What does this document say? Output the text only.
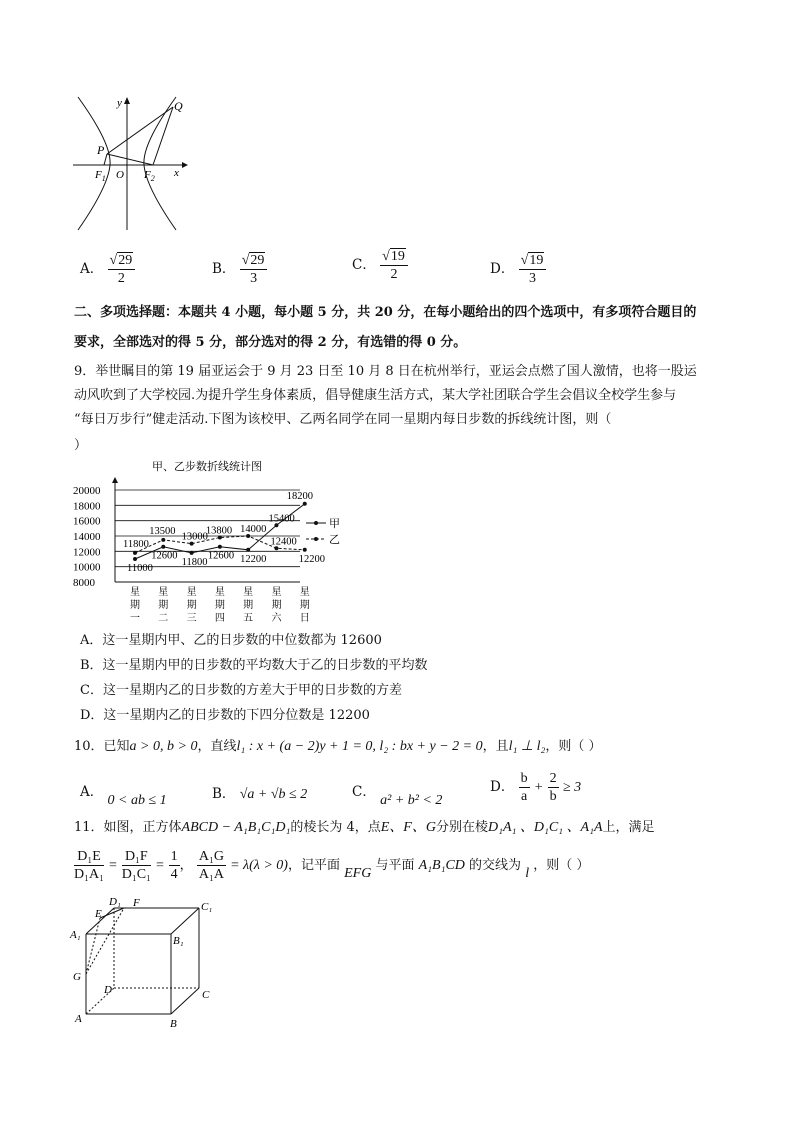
y	Q
P
x
O
$F_1$	$F_2$
A． $\frac{√29}{2}$	B． $\frac{√29}{3}$	C． $\frac{√19}{2}$	D． $\frac{√19}{3}$
二、多项选择题：本题共 4 小题，每小题 5 分，共 20 分，在每小题给出的四个选项中，有多项符合题目的
要求，全部选对的得 5 分，部分选对的得 2 分，有选错的得 0 分。
9．举世瞩目的第 19 届亚运会于 9 月 23 日至 10 月 8 日在杭州举行，亚运会点燃了国人激情，也将一股运
动风吹到了大学校园.为提升学生身体素质，倡导健康生活方式，某大学社团联合学生会倡议全校学生参与
“每日万步行”健走活动.下图为该校甲、乙两名同学在同一星期内每日步数的拆线统计图，则（
）
甲、乙步数折线统计图
20000
18000
16000
14000
12000
10000
8000
星期一
星期二
星期三
星期四
星期五
星期六
星期日
11000
12600
11800
12600 12200
15400
18200
11800
13500
13000
13800 14000
12400
12200
甲
乙
A．这一星期内甲、乙的日步数的中位数都为 12600
B．这一星期内甲的日步数的平均数大于乙的日步数的平均数
C．这一星期内乙的日步数的方差大于甲的日步数的方差
D．这一星期内乙的日步数的下四分位数是 12200
10．已知a > 0, b > 0，直线l₁ : x + (a − 2)y + 1 = 0, l₂ : bx + y − 2 = 0，且l₁ ⊥ l₂，则（ ）
A． 0 < ab ≤ 1	B． √a + √b ≤ 2	C． a² + b² < 2
D． $\frac{b}{a} + \frac{2}{b} \ge 3$
11．如图，正方体ABCD − A₁B₁C₁D₁的棱长为 4，点E、F、G分别在棱D₁A₁ 、D₁C₁ 、A₁A上，满足
$\frac{\text{D₁E}}{\text{D₁A₁}} = \frac{\text{D₁F}}{\text{D₁C₁}} = \frac{1}{4}$ ， $\frac{\text{A₁G}}{\text{A₁A}} = \lambda(\lambda > 0)$，记平面 EFG 与平面 A₁B₁CD 的交线为 l ，则（ ）
D₁ F	C₁
E
A₁	B₁
G
D	C
A	B
